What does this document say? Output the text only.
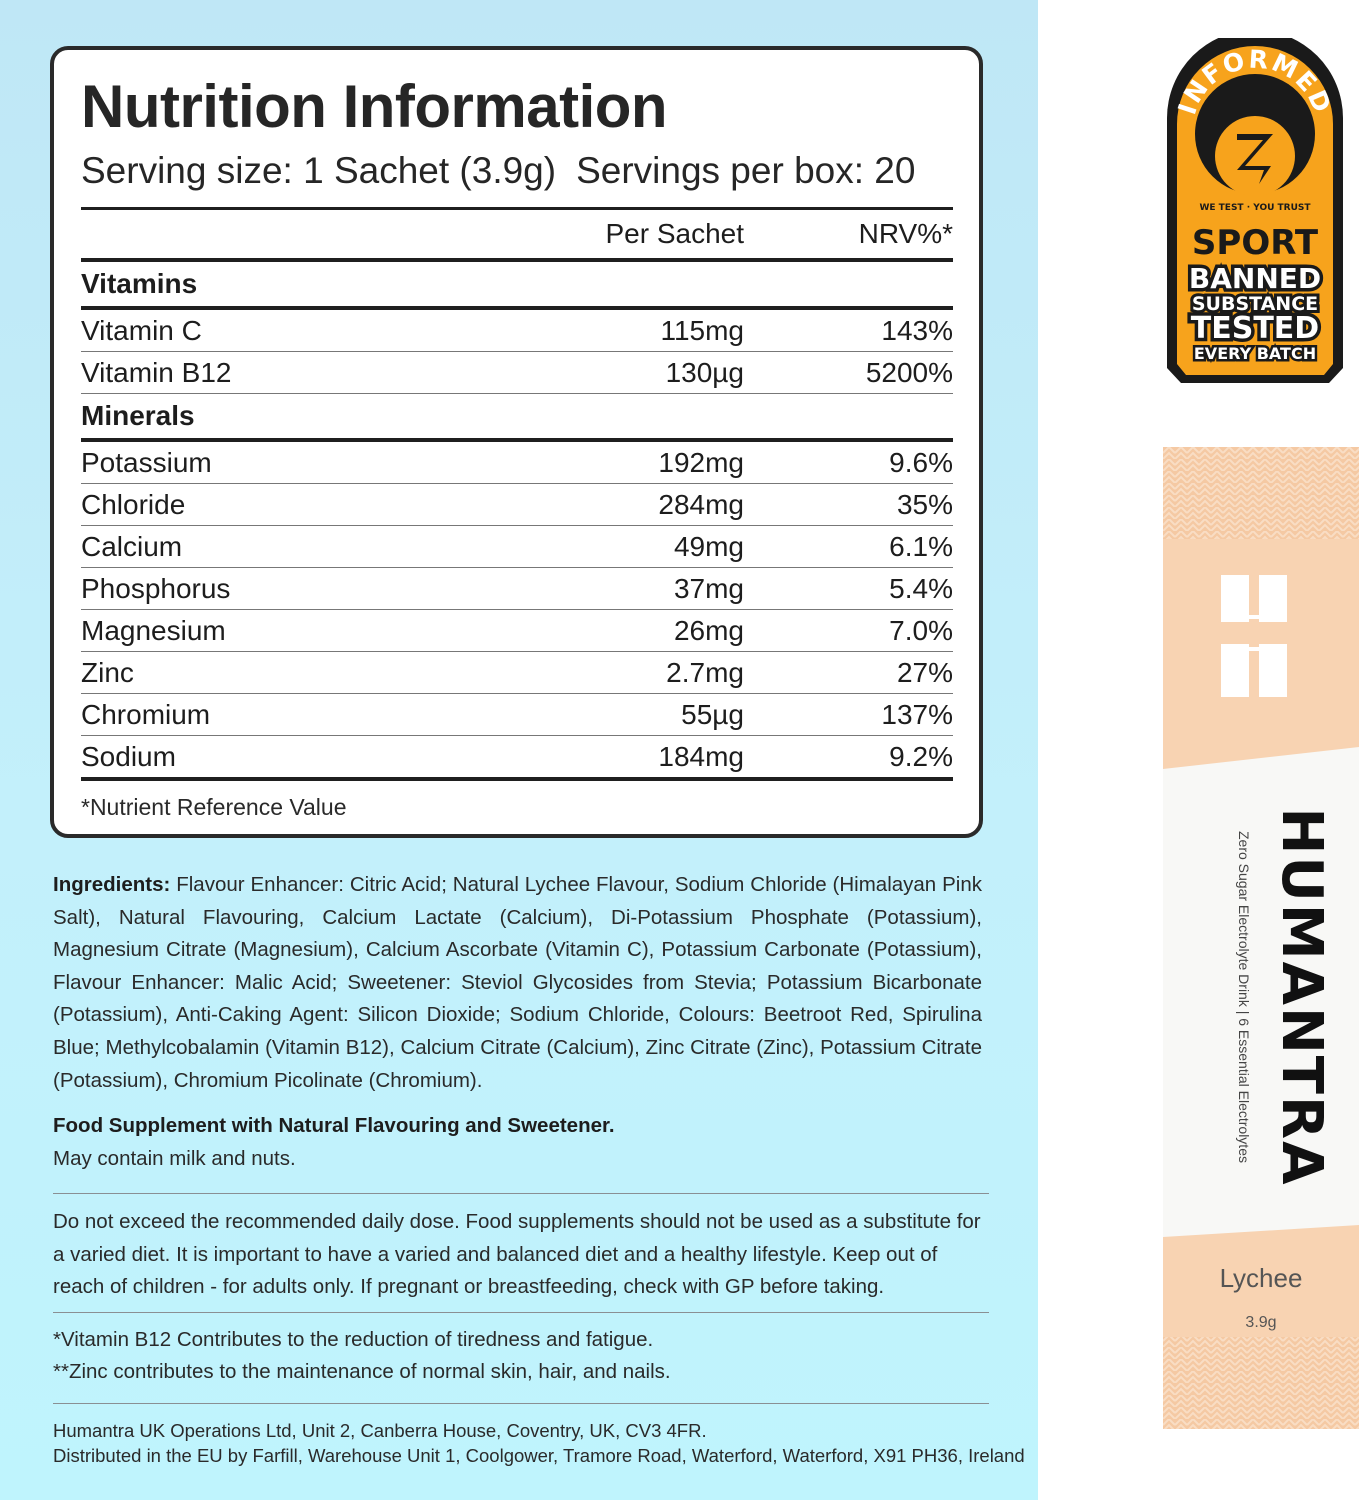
Nutrition Information
Serving size: 1 Sachet (3.9g) Servings per box: 20
Per Sachet	NRV%*
Vitamins
Vitamin C	115mg	143%
Vitamin B12	130µg	5200%
Minerals
Potassium	192mg	9.6%
Chloride	284mg	35%
Calcium	49mg	6.1%
Phosphorus	37mg	5.4%
Magnesium	26mg	7.0%
Zinc	2.7mg	27%
Chromium	55µg	137%
Sodium	184mg	9.2%
*Nutrient Reference Value
Ingredients: Flavour Enhancer: Citric Acid; Natural Lychee Flavour, Sodium Chloride (Himalayan Pink Salt), Natural Flavouring, Calcium Lactate (Calcium), Di-Potassium Phosphate (Potassium), Magnesium Citrate (Magnesium), Calcium Ascorbate (Vitamin C), Potassium Carbonate (Potassium), Flavour Enhancer: Malic Acid; Sweetener: Steviol Glycosides from Stevia; Potassium Bicarbonate (Potassium), Anti-Caking Agent: Silicon Dioxide; Sodium Chloride, Colours: Beetroot Red, Spirulina Blue; Methylcobalamin (Vitamin B12), Calcium Citrate (Calcium), Zinc Citrate (Zinc), Potassium Citrate (Potassium), Chromium Picolinate (Chromium).
Food Supplement with Natural Flavouring and Sweetener.
May contain milk and nuts.
Do not exceed the recommended daily dose. Food supplements should not be used as a substitute for a varied diet. It is important to have a varied and balanced diet and a healthy lifestyle. Keep out of reach of children - for adults only. If pregnant or breastfeeding, check with GP before taking.
*Vitamin B12 Contributes to the reduction of tiredness and fatigue.
**Zinc contributes to the maintenance of normal skin, hair, and nails.
Humantra UK Operations Ltd, Unit 2, Canberra House, Coventry, UK, CV3 4FR.
Distributed in the EU by Farfill, Warehouse Unit 1, Coolgower, Tramore Road, Waterford, Waterford, X91 PH36, Ireland
INFORMED
WE TEST · YOU TRUST
SPORT
BANNED
SUBSTANCE
TESTED
EVERY BATCH
HUMANTRA
Zero Sugar Electrolyte Drink | 6 Essential Electrolytes
Lychee
3.9g
